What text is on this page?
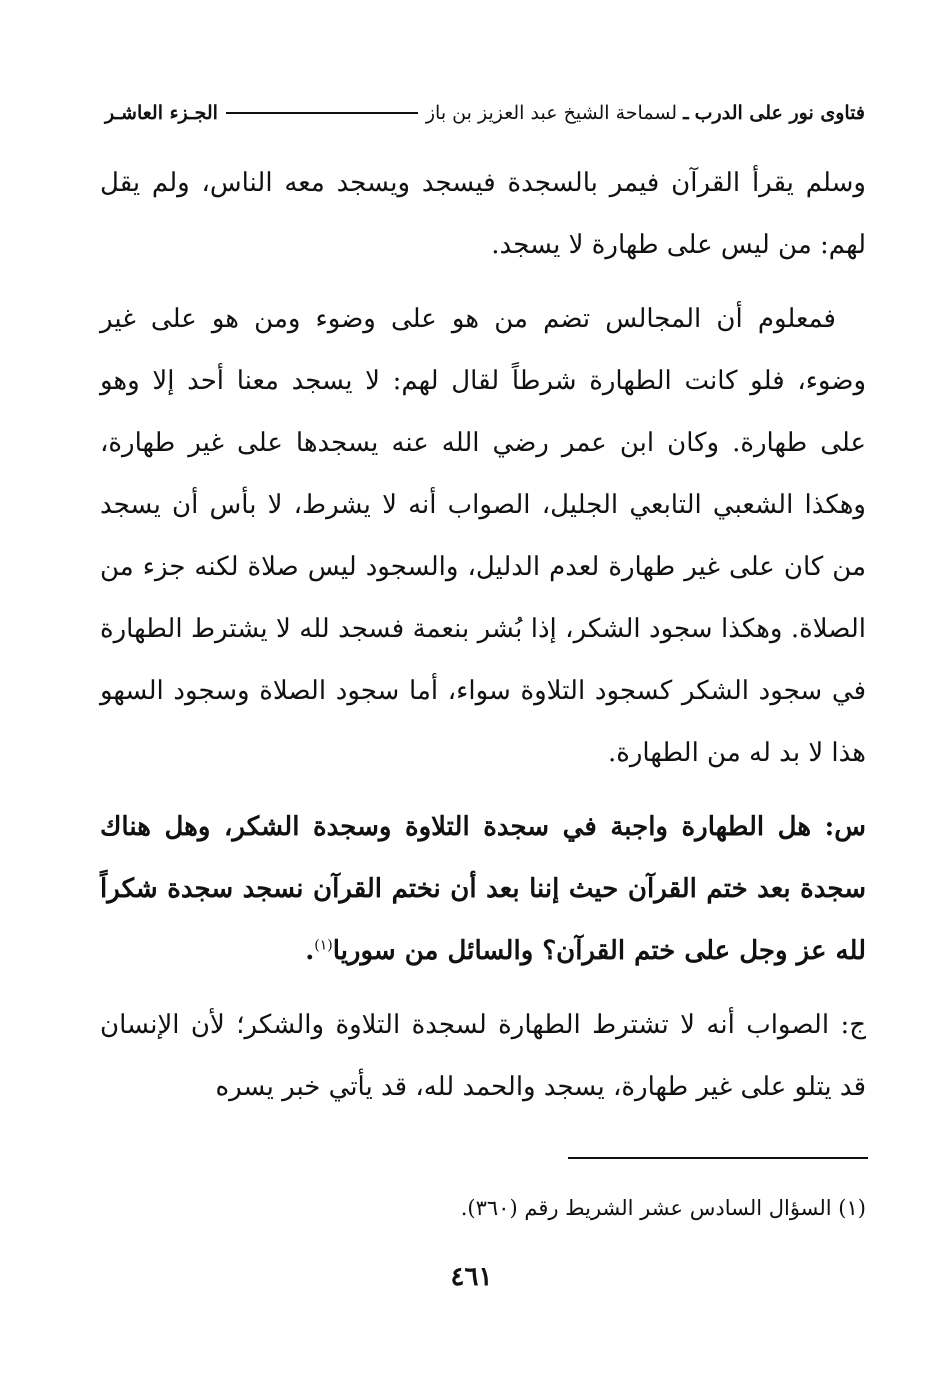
فتاوى نور على الدرب
ـ
لسماحة الشيخ عبد العزيز بن باز
الجـزء العاشـر

وسلم يقرأ القرآن فيمر بالسجدة فيسجد ويسجد معه الناس، ولم يقل لهم: من ليس على طهارة لا يسجد.

فمعلوم أن المجالس تضم من هو على وضوء ومن هو على غير وضوء، فلو كانت الطهارة شرطاً لقال لهم: لا يسجد معنا أحد إلا وهو على طهارة. وكان ابن عمر رضي الله عنه يسجدها على غير طهارة، وهكذا الشعبي التابعي الجليل، الصواب أنه لا يشرط، لا بأس أن يسجد من كان على غير طهارة لعدم الدليل، والسجود ليس صلاة لكنه جزء من الصلاة. وهكذا سجود الشكر، إذا بُشر بنعمة فسجد لله لا يشترط الطهارة في سجود الشكر كسجود التلاوة سواء، أما سجود الصلاة وسجود السهو هذا لا بد له من الطهارة.

س: هل الطهارة واجبة في سجدة التلاوة وسجدة الشكر، وهل هناك سجدة بعد ختم القرآن حيث إننا بعد أن نختم القرآن نسجد سجدة شكراً لله عز وجل على ختم القرآن؟ والسائل من سوريا$^{(١)}$.

ج: الصواب أنه لا تشترط الطهارة لسجدة التلاوة والشكر؛ لأن الإنسان قد يتلو على غير طهارة، يسجد والحمد لله، قد يأتي خبر يسره

(١) السؤال السادس عشر الشريط رقم (٣٦٠).
٤٦١
